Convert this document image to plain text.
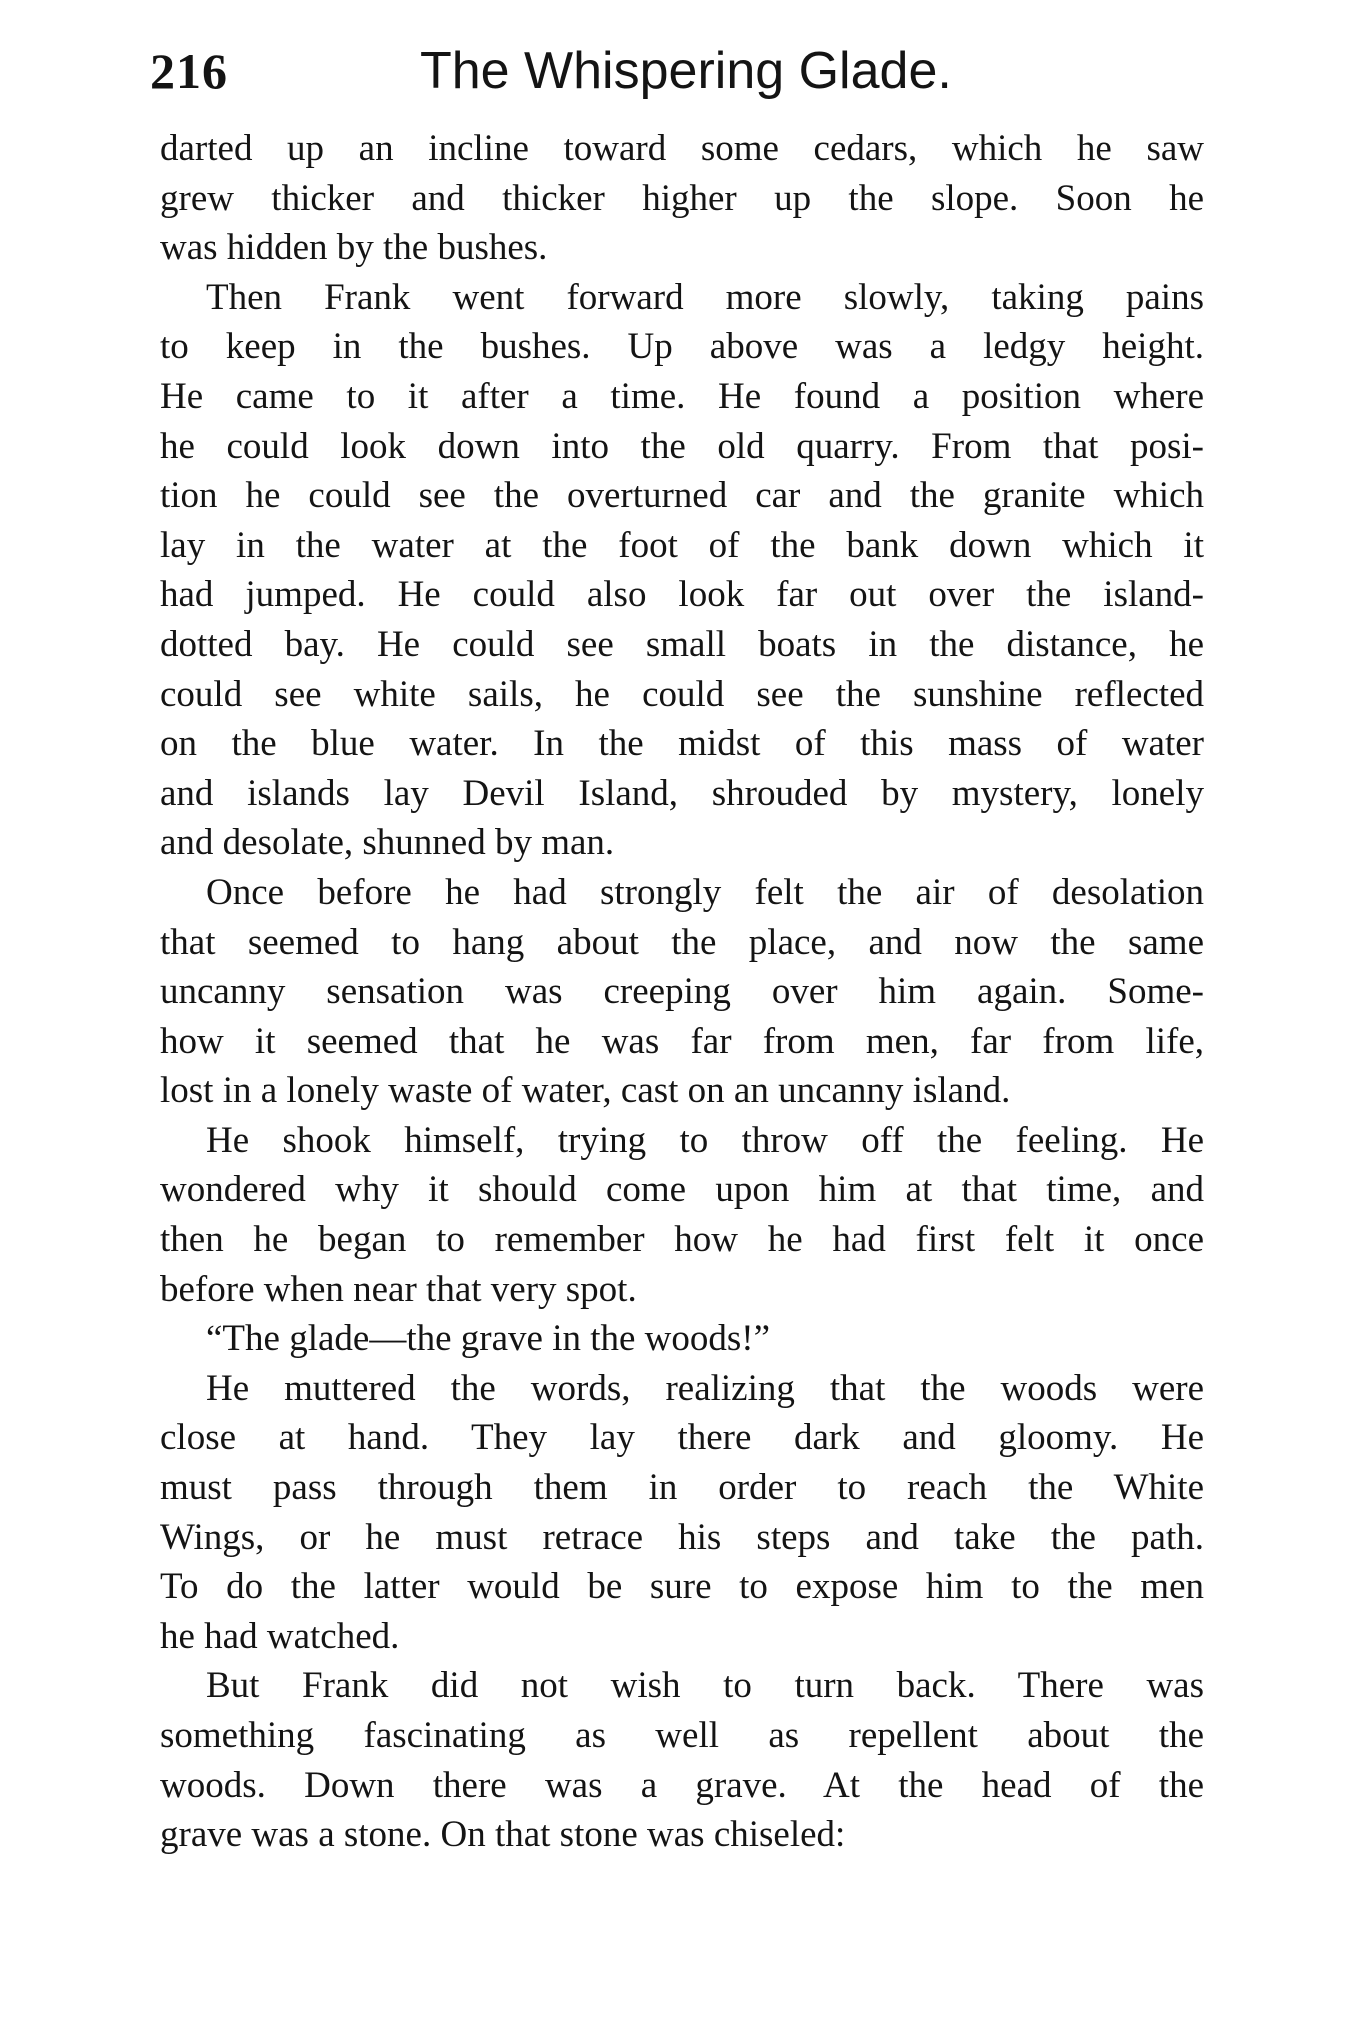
216	The Whispering Glade.
darted up an incline toward some cedars, which he saw
grew thicker and thicker higher up the slope. Soon he
was hidden by the bushes.
Then Frank went forward more slowly, taking pains
to keep in the bushes. Up above was a ledgy height.
He came to it after a time. He found a position where
he could look down into the old quarry. From that posi-
tion he could see the overturned car and the granite which
lay in the water at the foot of the bank down which it
had jumped. He could also look far out over the island-
dotted bay. He could see small boats in the distance, he
could see white sails, he could see the sunshine reflected
on the blue water. In the midst of this mass of water
and islands lay Devil Island, shrouded by mystery, lonely
and desolate, shunned by man.
Once before he had strongly felt the air of desolation
that seemed to hang about the place, and now the same
uncanny sensation was creeping over him again. Some-
how it seemed that he was far from men, far from life,
lost in a lonely waste of water, cast on an uncanny island.
He shook himself, trying to throw off the feeling. He
wondered why it should come upon him at that time, and
then he began to remember how he had first felt it once
before when near that very spot.
“The glade—the grave in the woods!”
He muttered the words, realizing that the woods were
close at hand. They lay there dark and gloomy. He
must pass through them in order to reach the White
Wings, or he must retrace his steps and take the path.
To do the latter would be sure to expose him to the men
he had watched.
But Frank did not wish to turn back. There was
something fascinating as well as repellent about the
woods. Down there was a grave. At the head of the
grave was a stone. On that stone was chiseled:
